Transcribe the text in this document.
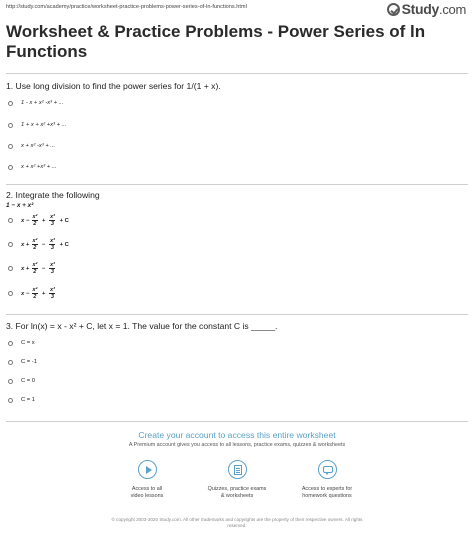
http://study.com/academy/practice/worksheet-practice-problems-power-series-of-ln-functions.html	Study.com
Worksheet & Practice Problems - Power Series of ln Functions
1. Use long division to find the power series for 1/(1 + x).
1 - x + x² -x³ + ...
1 + x + x² +x³ + ...
x + x² -x³ + ...
x + x² +x³ + ...
2. Integrate the following
1 − x + x²
$x - \frac{\text{x²}}{2} + \frac{\text{x³}}{3} + C$
$x + \frac{\text{x²}}{2} - \frac{\text{x³}}{3} + C$
$x + \frac{\text{x²}}{2} - \frac{\text{x³}}{3}$
$x - \frac{\text{x²}}{2} + \frac{\text{x³}}{3}$
3. For ln(x) = x - x² + C, let x = 1. The value for the constant C is _____.
C = x
C = -1
C = 0
C = 1
Create your account to access this entire worksheet
A Premium account gives you access to all lessons, practice exams, quizzes & worksheets
Access to all
video lessons
Quizzes, practice exams
& worksheets
Access to experts for
homework questions
© copyright 2003-2020 Study.com. All other trademarks and copyrights are the property of their respective owners. All rights
reserved.
